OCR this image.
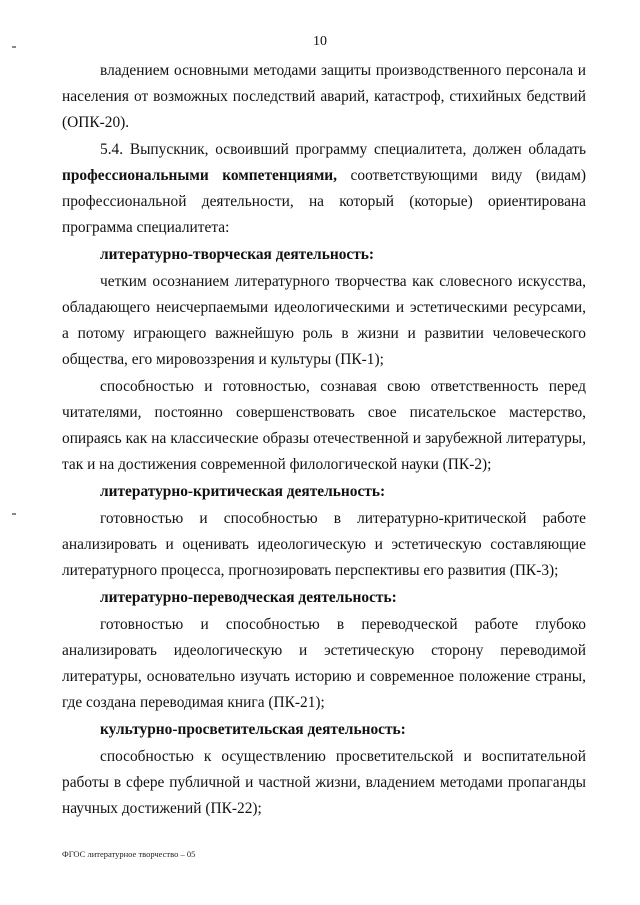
10

владением основными методами защиты производственного персонала и населения от возможных последствий аварий, катастроф, стихийных бедствий (ОПК-20).

5.4. Выпускник, освоивший программу специалитета, должен обладать профессиональными компетенциями, соответствующими виду (видам) профессиональной деятельности, на который (которые) ориентирована программа специалитета:

литературно-творческая деятельность:

четким осознанием литературного творчества как словесного искусства, обладающего неисчерпаемыми идеологическими и эстетическими ресурсами, а потому играющего важнейшую роль в жизни и развитии человеческого общества, его мировоззрения и культуры (ПК-1);

способностью и готовностью, сознавая свою ответственность перед читателями, постоянно совершенствовать свое писательское мастерство, опираясь как на классические образы отечественной и зарубежной литературы, так и на достижения современной филологической науки (ПК-2);

литературно-критическая деятельность:

готовностью и способностью в литературно-критической работе анализировать и оценивать идеологическую и эстетическую составляющие литературного процесса, прогнозировать перспективы его развития (ПК-3);

литературно-переводческая деятельность:

готовностью и способностью в переводческой работе глубоко анализировать идеологическую и эстетическую сторону переводимой литературы, основательно изучать историю и современное положение страны, где создана переводимая книга (ПК-21);

культурно-просветительская деятельность:

способностью к осуществлению просветительской и воспитательной работы в сфере публичной и частной жизни, владением методами пропаганды научных достижений (ПК-22);

ФГОС литературное творчество – 05
